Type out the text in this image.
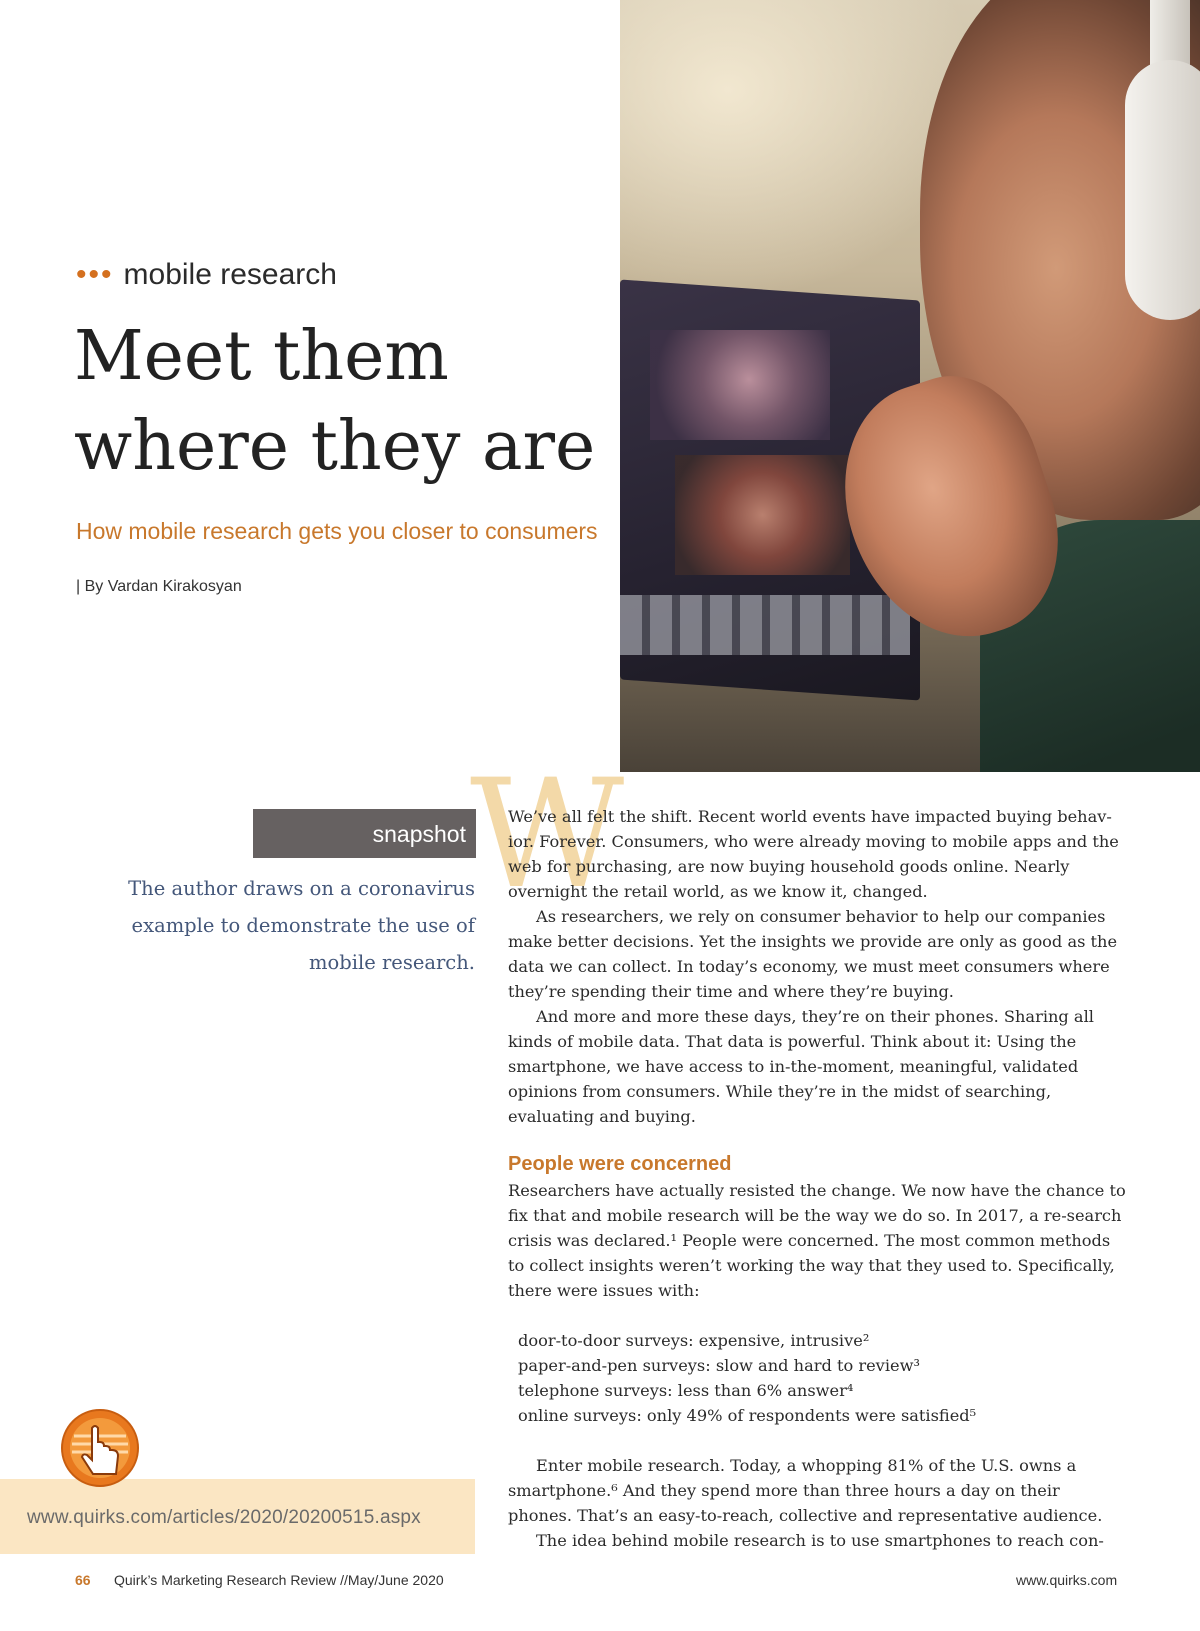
••• mobile research
Meet them
where they are
How mobile research gets you closer to consumers
| By Vardan Kirakosyan
snapshot

The author draws on a coronavirus example to demonstrate the use of mobile research.

www.quirks.com/articles/2020/20200515.aspx
W

We’ve all felt the shift. Recent world events have impacted buying behav-ior. Forever. Consumers, who were already moving to mobile apps and the web for purchasing, are now buying household goods online. Nearly overnight the retail world, as we know it, changed.

As researchers, we rely on consumer behavior to help our companies make better decisions. Yet the insights we provide are only as good as the data we can collect. In today’s economy, we must meet consumers where they’re spending their time and where they’re buying.

And more and more these days, they’re on their phones. Sharing all kinds of mobile data. That data is powerful. Think about it: Using the smartphone, we have access to in-the-moment, meaningful, validated opinions from consumers. While they’re in the midst of searching, evaluating and buying.

People were concerned

Researchers have actually resisted the change. We now have the chance to fix that and mobile research will be the way we do so. In 2017, a re-search crisis was declared.¹ People were concerned. The most common methods to collect insights weren’t working the way that they used to. Specifically, there were issues with:

door-to-door surveys: expensive, intrusive²
paper-and-pen surveys: slow and hard to review³
telephone surveys: less than 6% answer⁴
online surveys: only 49% of respondents were satisfied⁵

Enter mobile research. Today, a whopping 81% of the U.S. owns a smartphone.⁶ And they spend more than three hours a day on their phones. That’s an easy-to-reach, collective and representative audience.

The idea behind mobile research is to use smartphones to reach con-

66 Quirk’s Marketing Research Review //May/June 2020	www.quirks.com
